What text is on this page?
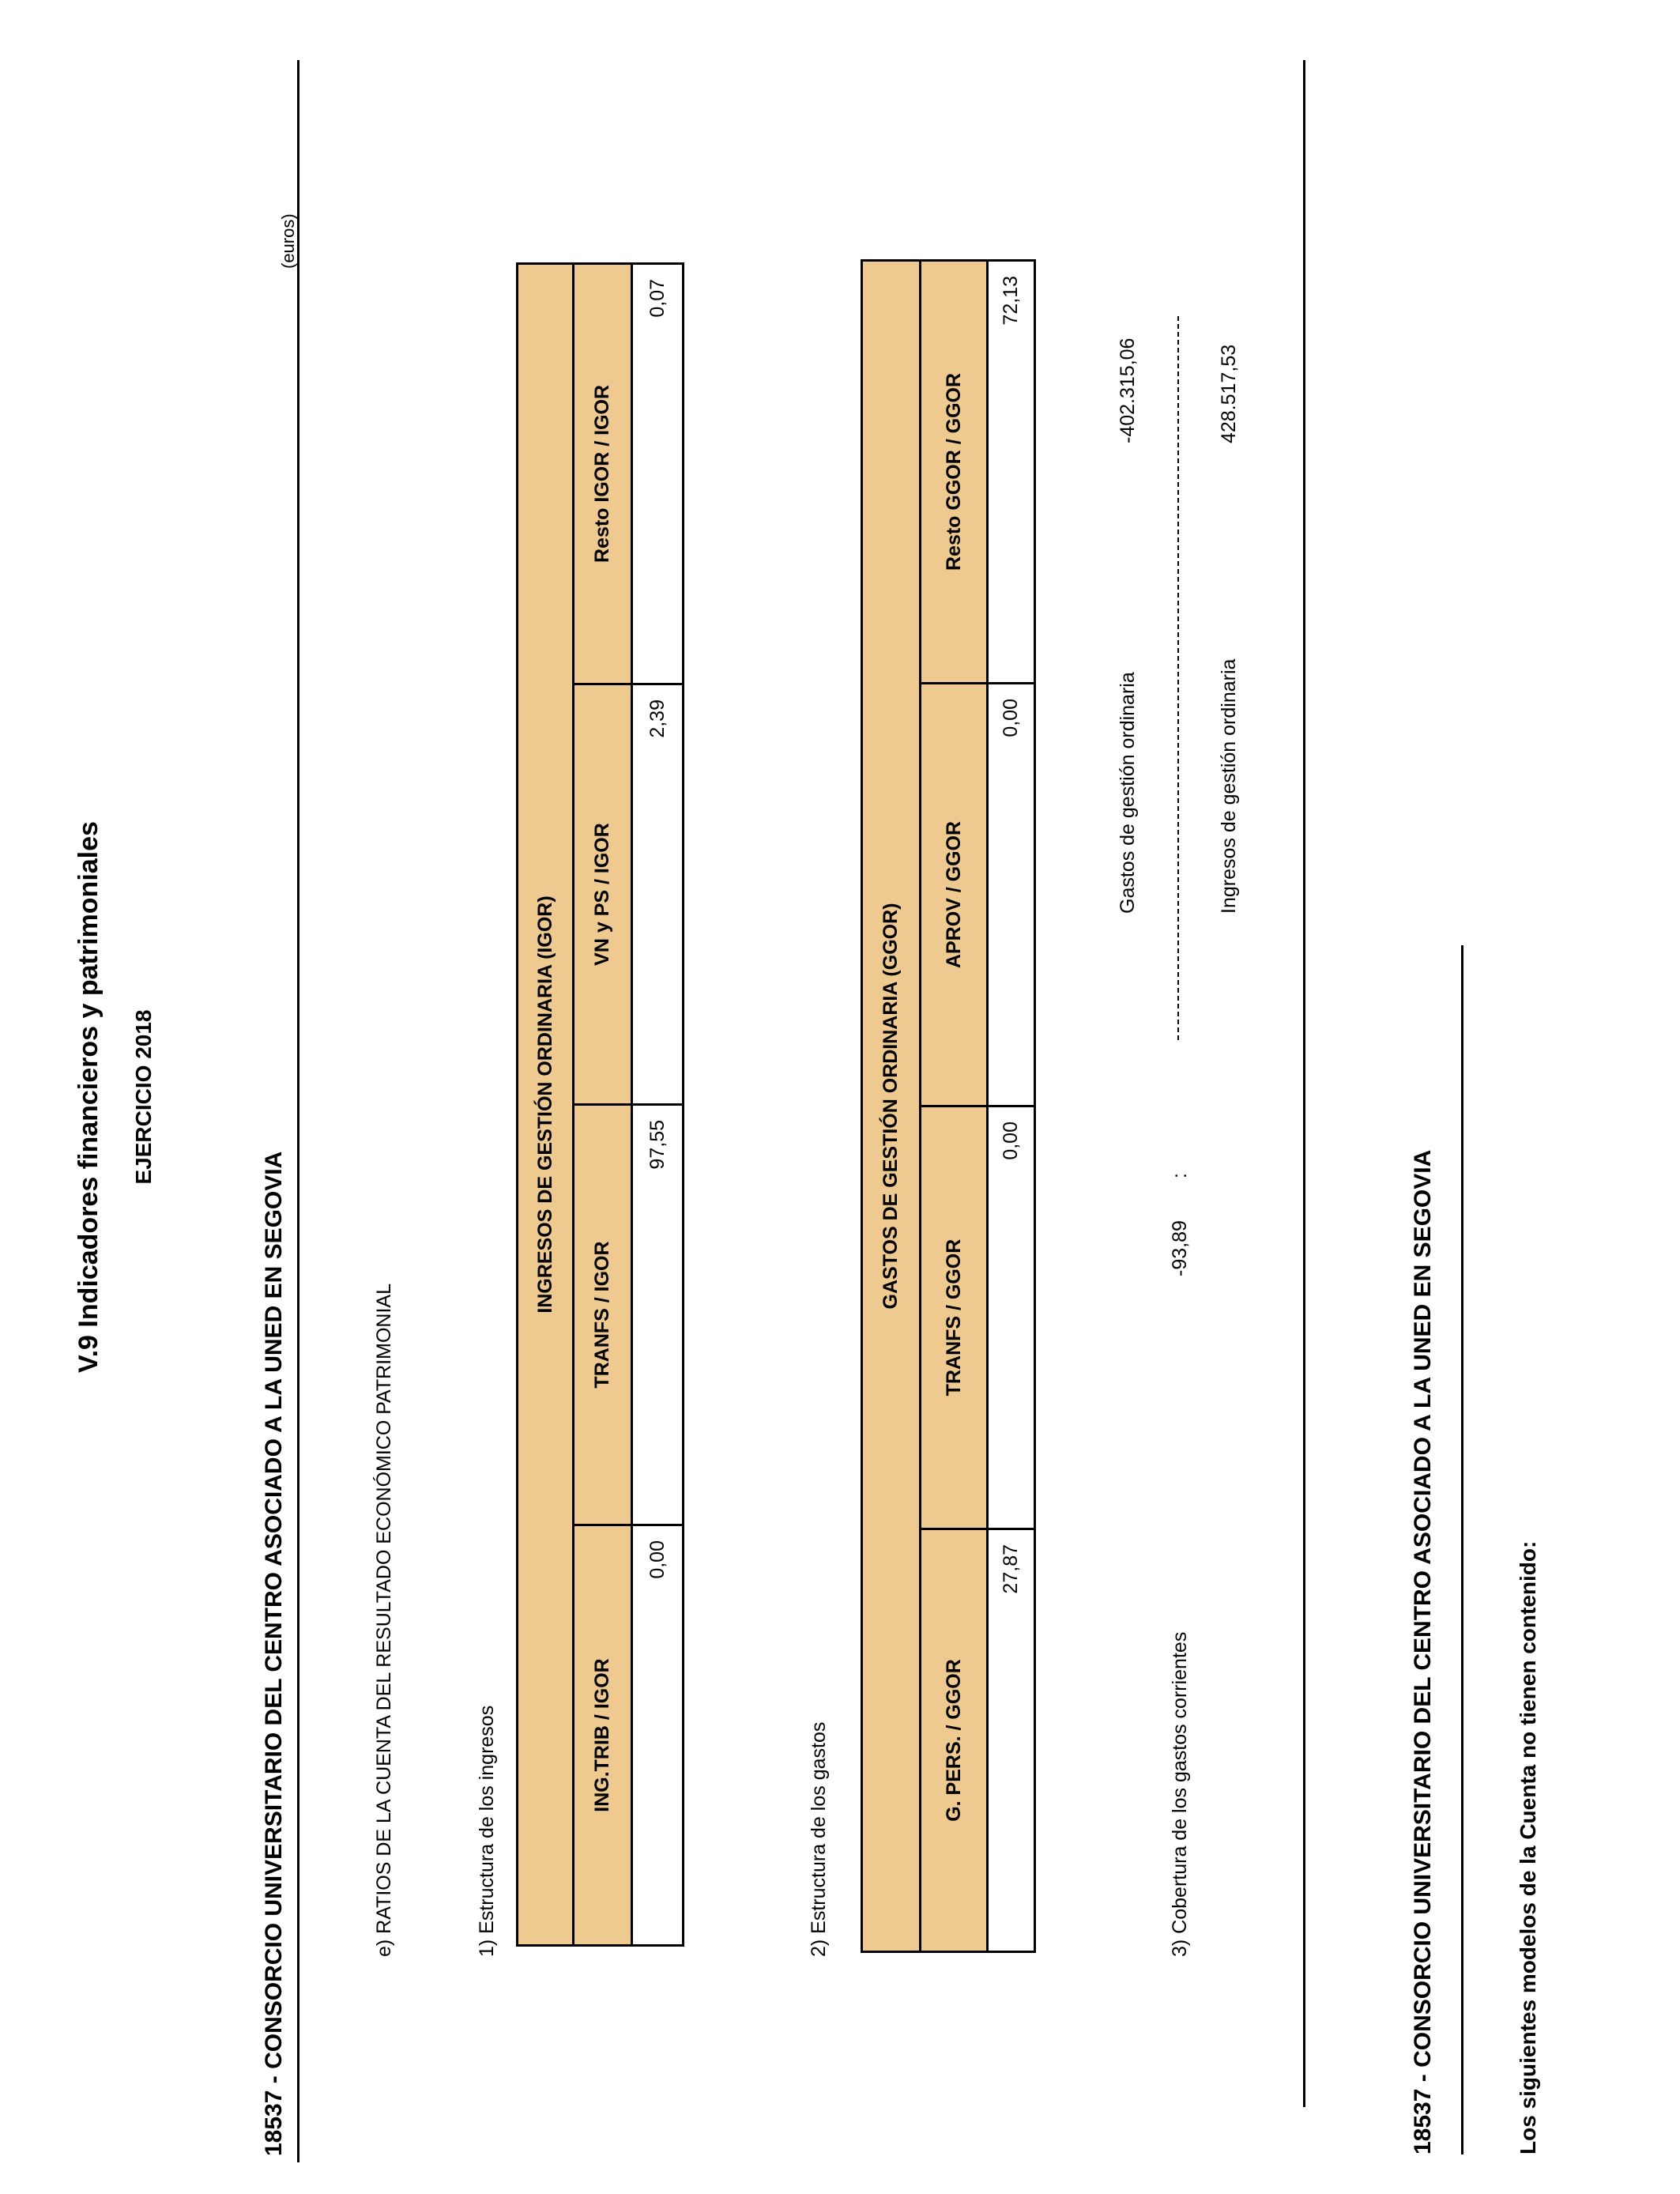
V.9 Indicadores financieros y patrimoniales EJERCICIO 2018
18537 - CONSORCIO UNIVERSITARIO DEL CENTRO ASOCIADO A LA UNED EN SEGOVIA
(euros)
e) RATIOS DE LA CUENTA DEL RESULTADO ECONÓMICO PATRIMONIAL	1) Estructura de los ingresos
INGRESOS DE GESTIÓN ORDINARIA (IGOR)			
ING.TRIB / IGOR	TRANFS / IGOR	VN y PS / IGOR	Resto IGOR / IGOR
0,00	97,55	2,39	0,07
2) Estructura de los gastos
GASTOS DE GESTIÓN ORDINARIA (GGOR)			
G. PERS. / GGOR	TRANFS / GGOR	APROV / GGOR	Resto GGOR / GGOR
27,87	0,00	0,00	72,13
3) Cobertura de los gastos corrientes
-93,89
:
Gastos de gestión ordinaria
-402.315,06
Ingresos de gestión ordinaria
428.517,53
18537 - CONSORCIO UNIVERSITARIO DEL CENTRO ASOCIADO A LA UNED EN SEGOVIA	Los siguientes modelos de la Cuenta no tienen contenido:
